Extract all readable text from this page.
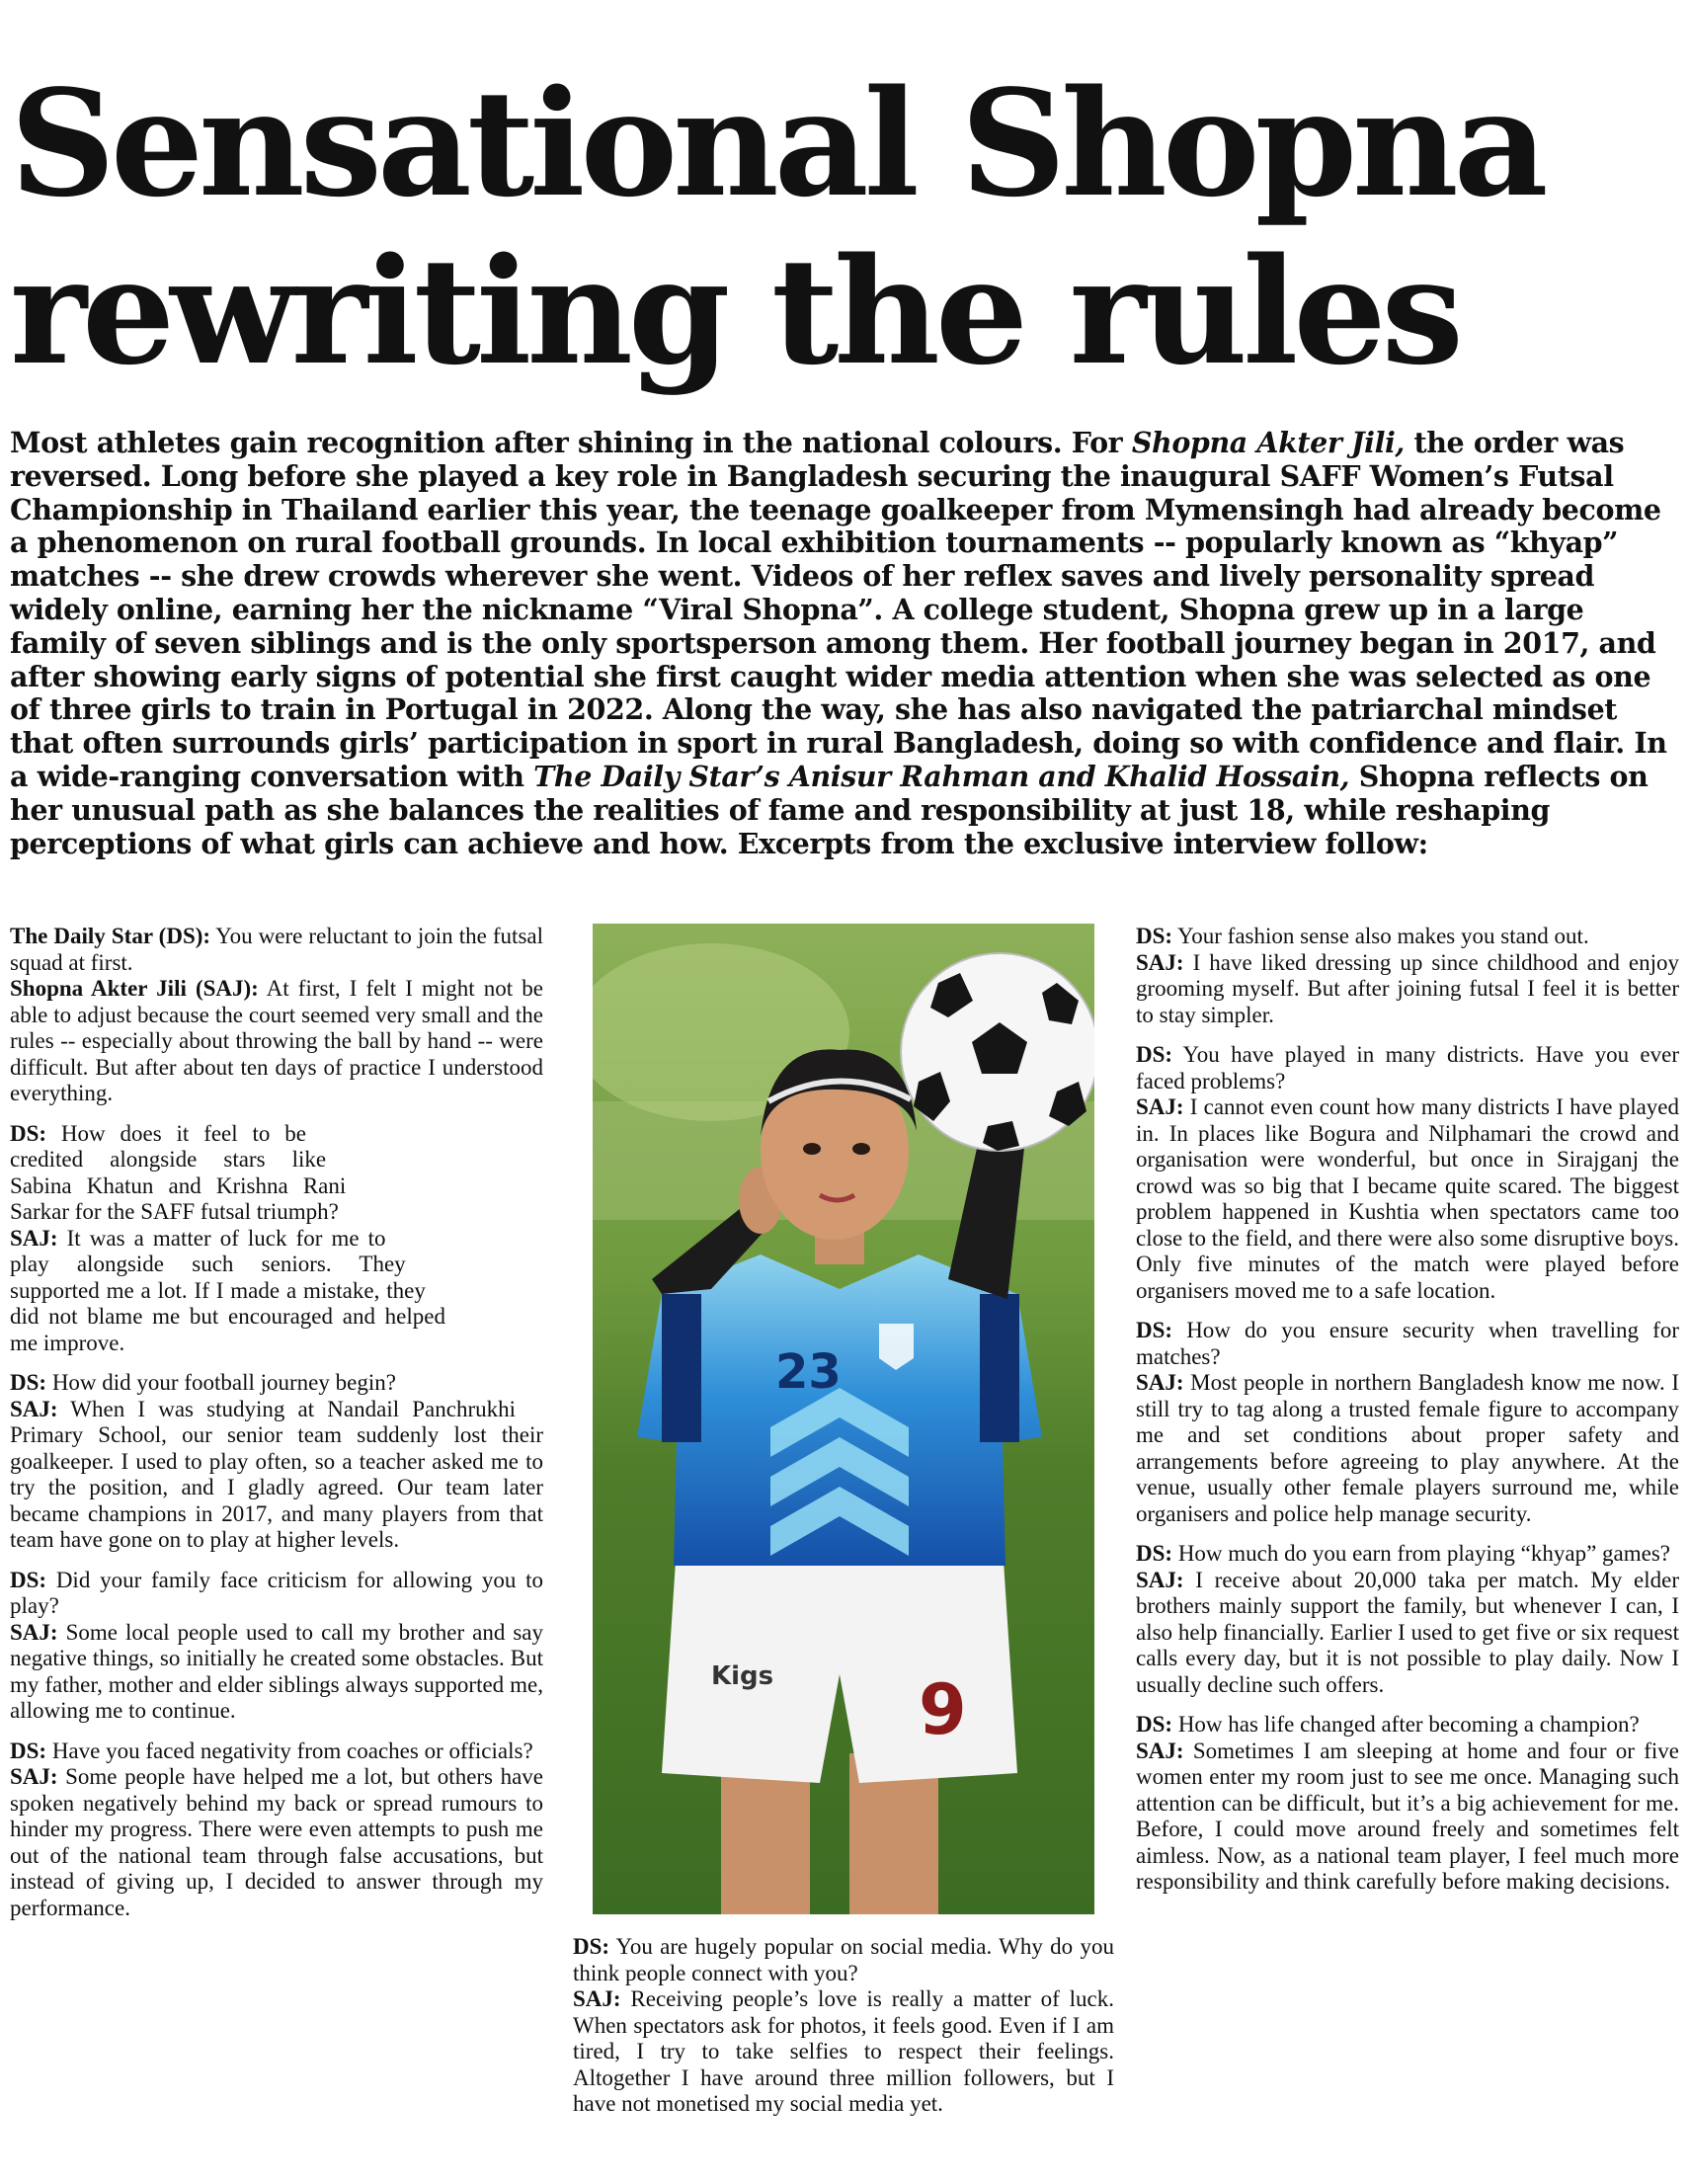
Sensational Shopna
rewriting the rules

Most athletes gain recognition after shining in the national colours. For Shopna Akter Jili, the order was reversed. Long before she played a key role in Bangladesh securing the inaugural SAFF Women’s Futsal Championship in Thailand earlier this year, the teenage goalkeeper from Mymensingh had already become a phenomenon on rural football grounds. In local exhibition tournaments -- popularly known as “khyap” matches -- she drew crowds wherever she went. Videos of her reflex saves and lively personality spread widely online, earning her the nickname “Viral Shopna”. A college student, Shopna grew up in a large family of seven siblings and is the only sportsperson among them. Her football journey began in 2017, and after showing early signs of potential she first caught wider media attention when she was selected as one of three girls to train in Portugal in 2022. Along the way, she has also navigated the patriarchal mindset that often surrounds girls’ participation in sport in rural Bangladesh, doing so with confidence and flair. In a wide-ranging conversation with The Daily Star’s Anisur Rahman and Khalid Hossain, Shopna reflects on her unusual path as she balances the realities of fame and responsibility at just 18, while reshaping perceptions of what girls can achieve and how. Excerpts from the exclusive interview follow:

The Daily Star (DS): You were reluctant to join the futsal squad at first.
Shopna Akter Jili (SAJ): At first, I felt I might not be able to adjust because the court seemed very small and the rules -- especially about throwing the ball by hand -- were difficult. But after about ten days of practice I understood everything.

DS: How does it feel to be credited alongside stars like Sabina Khatun and Krishna Rani Sarkar for the SAFF futsal triumph?
SAJ: It was a matter of luck for me to play alongside such seniors. They supported me a lot. If I made a mistake, they did not blame me but encouraged and helped me improve.

DS: How did your football journey begin?
SAJ: When I was studying at Nandail Panchrukhi Primary School, our senior team suddenly lost their goalkeeper. I used to play often, so a teacher asked me to try the position, and I gladly agreed. Our team later became champions in 2017, and many players from that team have gone on to play at higher levels.

DS: Did your family face criticism for allowing you to play?
SAJ: Some local people used to call my brother and say negative things, so initially he created some obstacles. But my father, mother and elder siblings always supported me, allowing me to continue.

DS: Have you faced negativity from coaches or officials?
SAJ: Some people have helped me a lot, but others have spoken negatively behind my back or spread rumours to hinder my progress. There were even attempts to push me out of the national team through false accusations, but instead of giving up, I decided to answer through my performance.

9
Kigs
23

DS: You are hugely popular on social media. Why do you think people connect with you?
SAJ: Receiving people’s love is really a matter of luck. When spectators ask for photos, it feels good. Even if I am tired, I try to take selfies to respect their feelings. Altogether I have around three million followers, but I have not monetised my social media yet.

DS: Your fashion sense also makes you stand out.
SAJ: I have liked dressing up since childhood and enjoy grooming myself. But after joining futsal I feel it is better to stay simpler.

DS: You have played in many districts. Have you ever faced problems?
SAJ: I cannot even count how many districts I have played in. In places like Bogura and Nilphamari the crowd and organisation were wonderful, but once in Sirajganj the crowd was so big that I became quite scared. The biggest problem happened in Kushtia when spectators came too close to the field, and there were also some disruptive boys. Only five minutes of the match were played before organisers moved me to a safe location.

DS: How do you ensure security when travelling for matches?
SAJ: Most people in northern Bangladesh know me now. I still try to tag along a trusted female figure to accompany me and set conditions about proper safety and arrangements before agreeing to play anywhere. At the venue, usually other female players surround me, while organisers and police help manage security.

DS: How much do you earn from playing “khyap” games?
SAJ: I receive about 20,000 taka per match. My elder brothers mainly support the family, but whenever I can, I also help financially. Earlier I used to get five or six request calls every day, but it is not possible to play daily. Now I usually decline such offers.

DS: How has life changed after becoming a champion?
SAJ: Sometimes I am sleeping at home and four or five women enter my room just to see me once. Managing such attention can be difficult, but it’s a big achievement for me. Before, I could move around freely and sometimes felt aimless. Now, as a national team player, I feel much more responsibility and think carefully before making decisions.
